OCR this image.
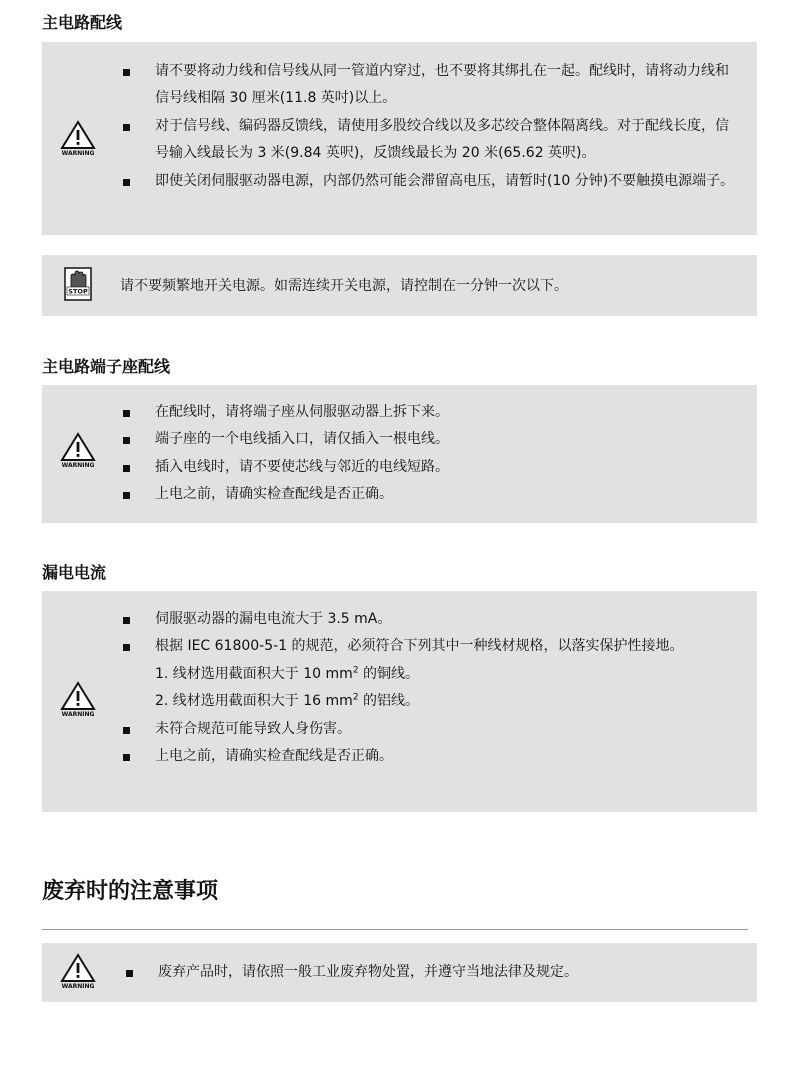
主电路配线
WARNING
请不要将动力线和信号线从同一管道内穿过，也不要将其绑扎在一起。配线时，请将动力线和信号线相隔 30 厘米(11.8 英吋)以上。
对于信号线、编码器反馈线，请使用多股绞合线以及多芯绞合整体隔离线。对于配线长度，信号输入线最长为 3 米(9.84 英呎)，反馈线最长为 20 米(65.62 英呎)。
即使关闭伺服驱动器电源，内部仍然可能会滞留高电压，请暂时(10 分钟)不要触摸电源端子。
STOP 请不要频繁地开关电源。如需连续开关电源，请控制在一分钟一次以下。
主电路端子座配线
WARNING
在配线时，请将端子座从伺服驱动器上拆下来。
端子座的一个电线插入口，请仅插入一根电线。
插入电线时，请不要使芯线与邻近的电线短路。
上电之前，请确实检查配线是否正确。
漏电电流
WARNING
伺服驱动器的漏电电流大于 3.5 mA。
根据 IEC 61800-5-1 的规范，必须符合下列其中一种线材规格，以落实保护性接地。
1. 线材选用截面积大于 10 $mm^2$ 的铜线。
2. 线材选用截面积大于 16 $mm^2$ 的铝线。
未符合规范可能导致人身伤害。
上电之前，请确实检查配线是否正确。
废弃时的注意事项
WARNING
废弃产品时，请依照一般工业废弃物处置，并遵守当地法律及规定。
